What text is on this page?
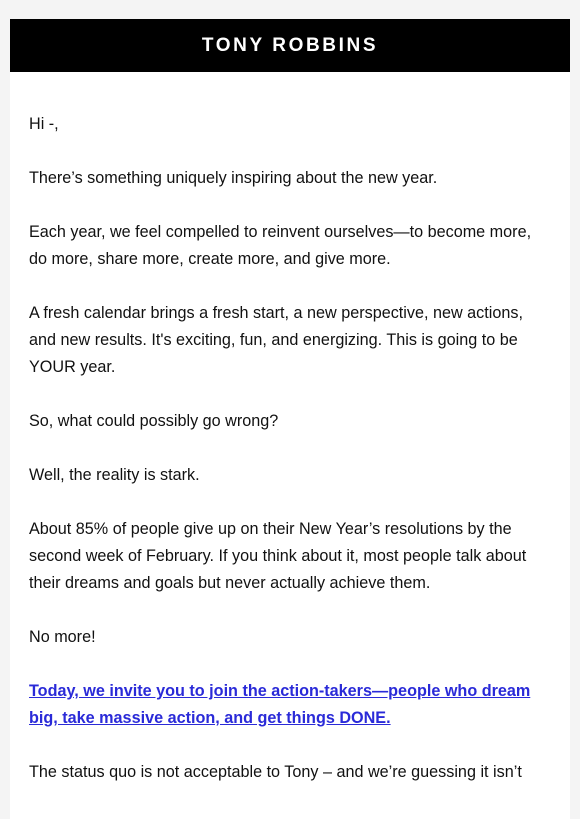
TONY ROBBINS

Hi -,

There’s something uniquely inspiring about the new year.

Each year, we feel compelled to reinvent ourselves—to become more, do more, share more, create more, and give more.

A fresh calendar brings a fresh start, a new perspective, new actions, and new results. It's exciting, fun, and energizing. This is going to be YOUR year.

So, what could possibly go wrong?

Well, the reality is stark.

About 85% of people give up on their New Year’s resolutions by the second week of February. If you think about it, most people talk about their dreams and goals but never actually achieve them.

No more!

Today, we invite you to join the action-takers—people who dream big, take massive action, and get things DONE.

The status quo is not acceptable to Tony – and we’re guessing it isn’t
